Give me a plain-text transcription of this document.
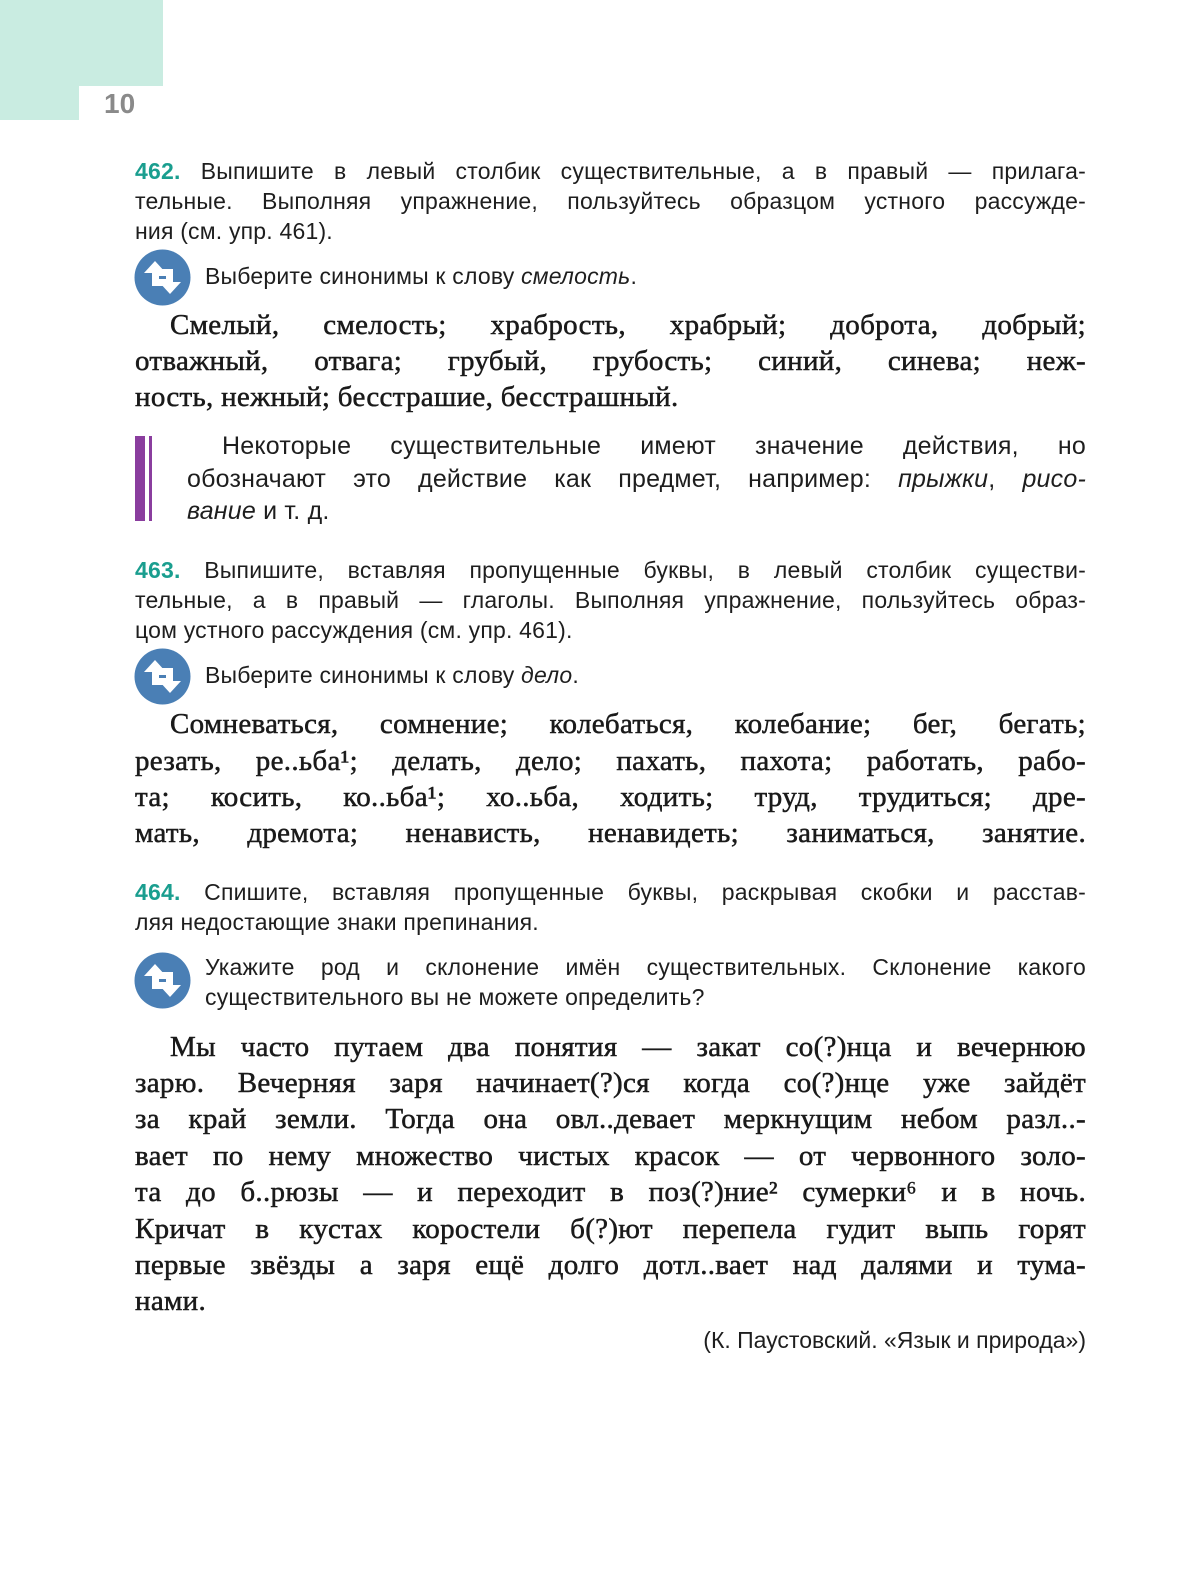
10
462. Выпишите в левый столбик существительные, а в правый — прилага-
тельные. Выполняя упражнение, пользуйтесь образцом устного рассужде-
ния (см. упр. 461).
Выберите синонимы к слову смелость.
Смелый, смелость; храбрость, храбрый; доброта, добрый;
отважный, отвага; грубый, грубость; синий, синева; неж-
ность, нежный; бесстрашие, бесстрашный.
Некоторые существительные имеют значение действия, но
обозначают это действие как предмет, например: прыжки, рисо-
вание и т. д.
463. Выпишите, вставляя пропущенные буквы, в левый столбик существи-
тельные, а в правый — глаголы. Выполняя упражнение, пользуйтесь образ-
цом устного рассуждения (см. упр. 461).
Выберите синонимы к слову дело.
Сомневаться, сомнение; колебаться, колебание; бег, бегать;
резать, ре..ьба¹; делать, дело; пахать, пахота; работать, рабо-
та; косить, ко..ьба¹; хо..ьба, ходить; труд, трудиться; дре-
мать, дремота; ненависть, ненавидеть; заниматься, занятие.
464. Спишите, вставляя пропущенные буквы, раскрывая скобки и расстав-
ляя недостающие знаки препинания.
Укажите род и склонение имён существительных. Склонение какого
существительного вы не можете определить?
Мы часто путаем два понятия — закат со(?)нца и вечернюю
зарю. Вечерняя заря начинает(?)ся когда со(?)нце уже зайдёт
за край земли. Тогда она овл..девает меркнущим небом разл..-
вает по нему множество чистых красок — от червонного золо-
та до б..рюзы — и переходит в поз(?)ние² сумерки⁶ и в ночь.
Кричат в кустах коростели б(?)ют перепела гудит выпь горят
первые звёзды а заря ещё долго дотл..вает над далями и тума-
нами.
(К. Паустовский. «Язык и природа»)
